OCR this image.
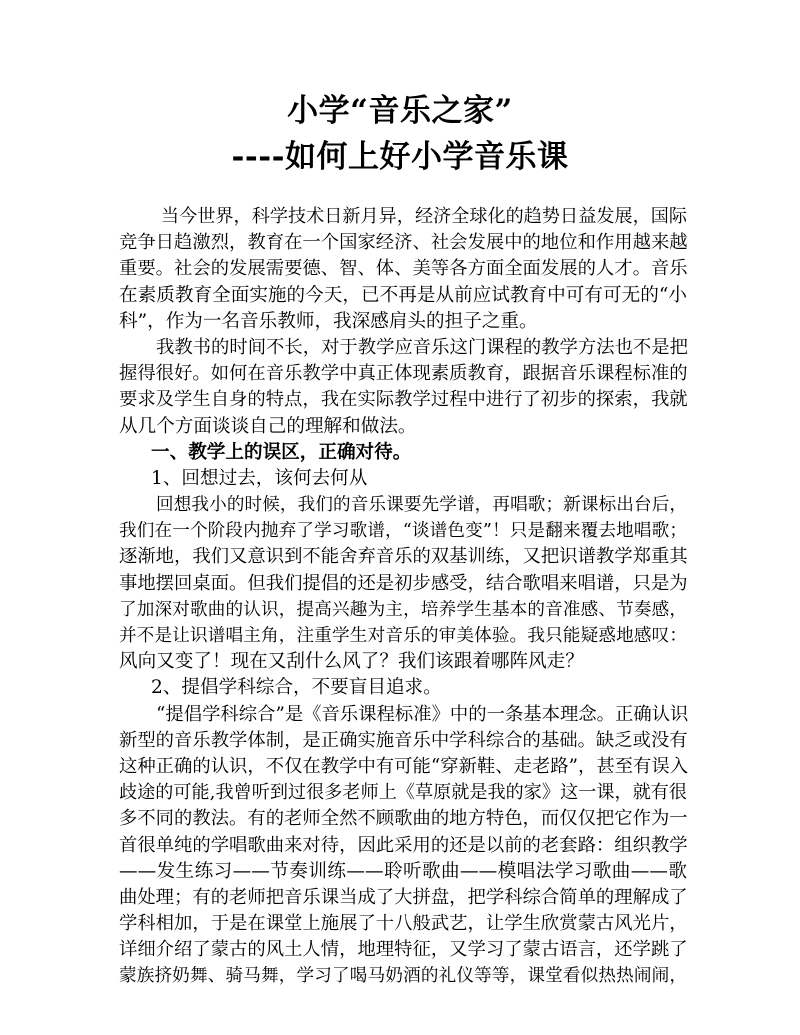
小学“音乐之家”
----如何上好小学音乐课
当今世界，科学技术日新月异，经济全球化的趋势日益发展，国际
竞争日趋激烈，教育在一个国家经济、社会发展中的地位和作用越来越
重要。社会的发展需要德、智、体、美等各方面全面发展的人才。音乐
在素质教育全面实施的今天，已不再是从前应试教育中可有可无的“小
科”，作为一名音乐教师，我深感肩头的担子之重。
我教书的时间不长，对于教学应音乐这门课程的教学方法也不是把
握得很好。如何在音乐教学中真正体现素质教育，跟据音乐课程标准的
要求及学生自身的特点，我在实际教学过程中进行了初步的探索，我就
从几个方面谈谈自己的理解和做法。
一、教学上的误区，正确对待。
1、回想过去，该何去何从
回想我小的时候，我们的音乐课要先学谱，再唱歌；新课标出台后，
我们在一个阶段内抛弃了学习歌谱，“谈谱色变”！只是翻来覆去地唱歌；
逐渐地，我们又意识到不能舍弃音乐的双基训练，又把识谱教学郑重其
事地摆回桌面。但我们提倡的还是初步感受，结合歌唱来唱谱，只是为
了加深对歌曲的认识，提高兴趣为主，培养学生基本的音准感、节奏感，
并不是让识谱唱主角，注重学生对音乐的审美体验。我只能疑惑地感叹：
风向又变了！现在又刮什么风了？我们该跟着哪阵风走？
2、提倡学科综合，不要盲目追求。
“提倡学科综合”是《音乐课程标准》中的一条基本理念。正确认识
新型的音乐教学体制，是正确实施音乐中学科综合的基础。缺乏或没有
这种正确的认识，不仅在教学中有可能“穿新鞋、走老路”，甚至有误入
歧途的可能,我曾听到过很多老师上《草原就是我的家》这一课，就有很
多不同的教法。有的老师全然不顾歌曲的地方特色，而仅仅把它作为一
首很单纯的学唱歌曲来对待，因此采用的还是以前的老套路：组织教学
——发生练习——节奏训练——聆听歌曲——模唱法学习歌曲——歌
曲处理；有的老师把音乐课当成了大拼盘，把学科综合简单的理解成了
学科相加，于是在课堂上施展了十八般武艺，让学生欣赏蒙古风光片，
详细介绍了蒙古的风土人情，地理特征，又学习了蒙古语言，还学跳了
蒙族挤奶舞、骑马舞，学习了喝马奶酒的礼仪等等，课堂看似热热闹闹，
